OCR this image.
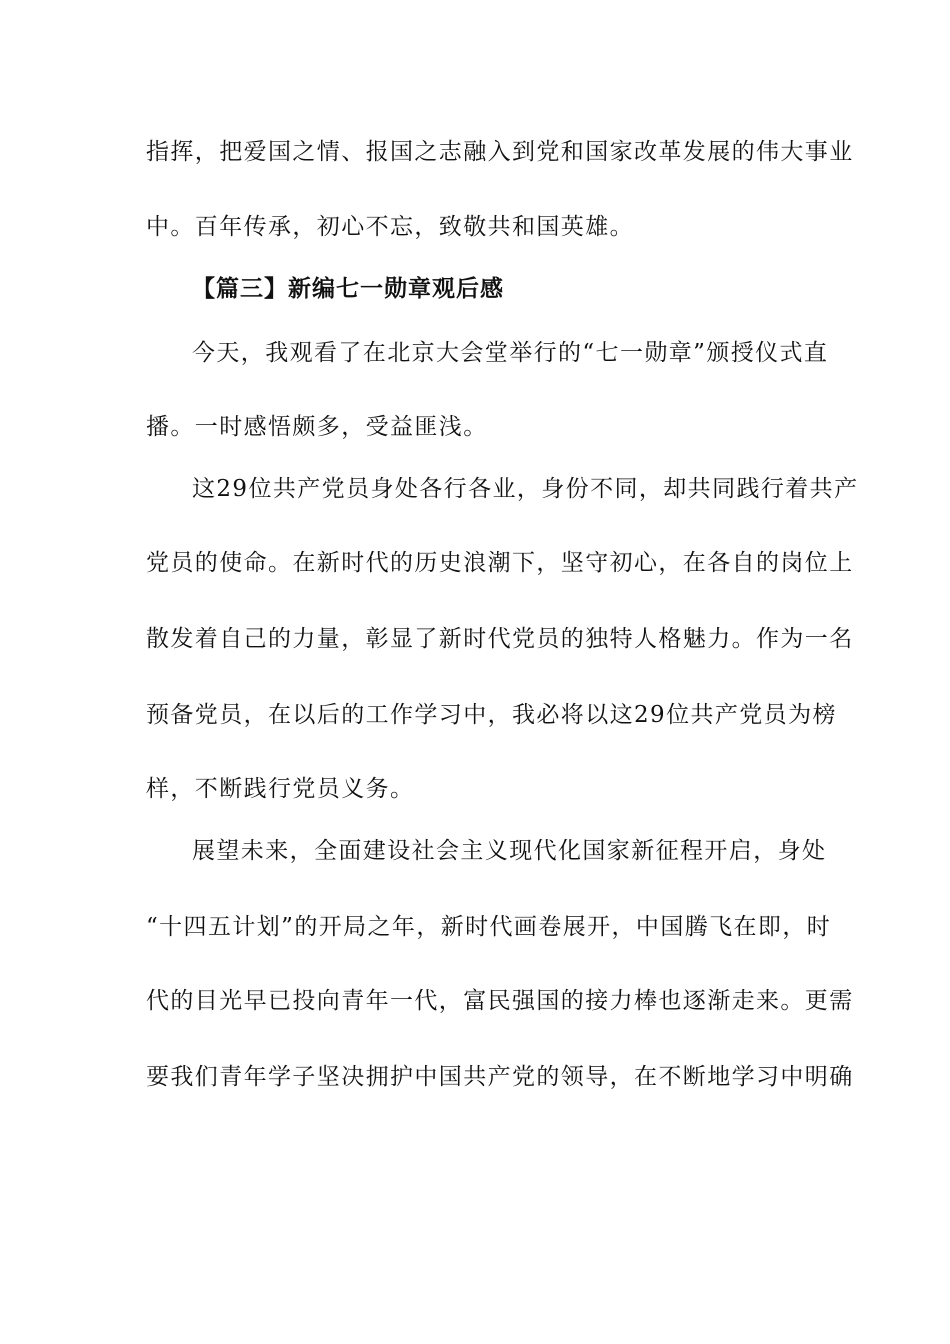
指挥，把爱国之情、报国之志融入到党和国家改革发展的伟大事业
中。百年传承，初心不忘，致敬共和国英雄。
【篇三】新编七一勋章观后感
今天，我观看了在北京大会堂举行的“七一勋章”颁授仪式直
播。一时感悟颇多，受益匪浅。
这29位共产党员身处各行各业，身份不同，却共同践行着共产
党员的使命。在新时代的历史浪潮下，坚守初心，在各自的岗位上
散发着自己的力量，彰显了新时代党员的独特人格魅力。作为一名
预备党员，在以后的工作学习中，我必将以这29位共产党员为榜
样，不断践行党员义务。
展望未来，全面建设社会主义现代化国家新征程开启，身处
“十四五计划”的开局之年，新时代画卷展开，中国腾飞在即，时
代的目光早已投向青年一代，富民强国的接力棒也逐渐走来。更需
要我们青年学子坚决拥护中国共产党的领导，在不断地学习中明确
